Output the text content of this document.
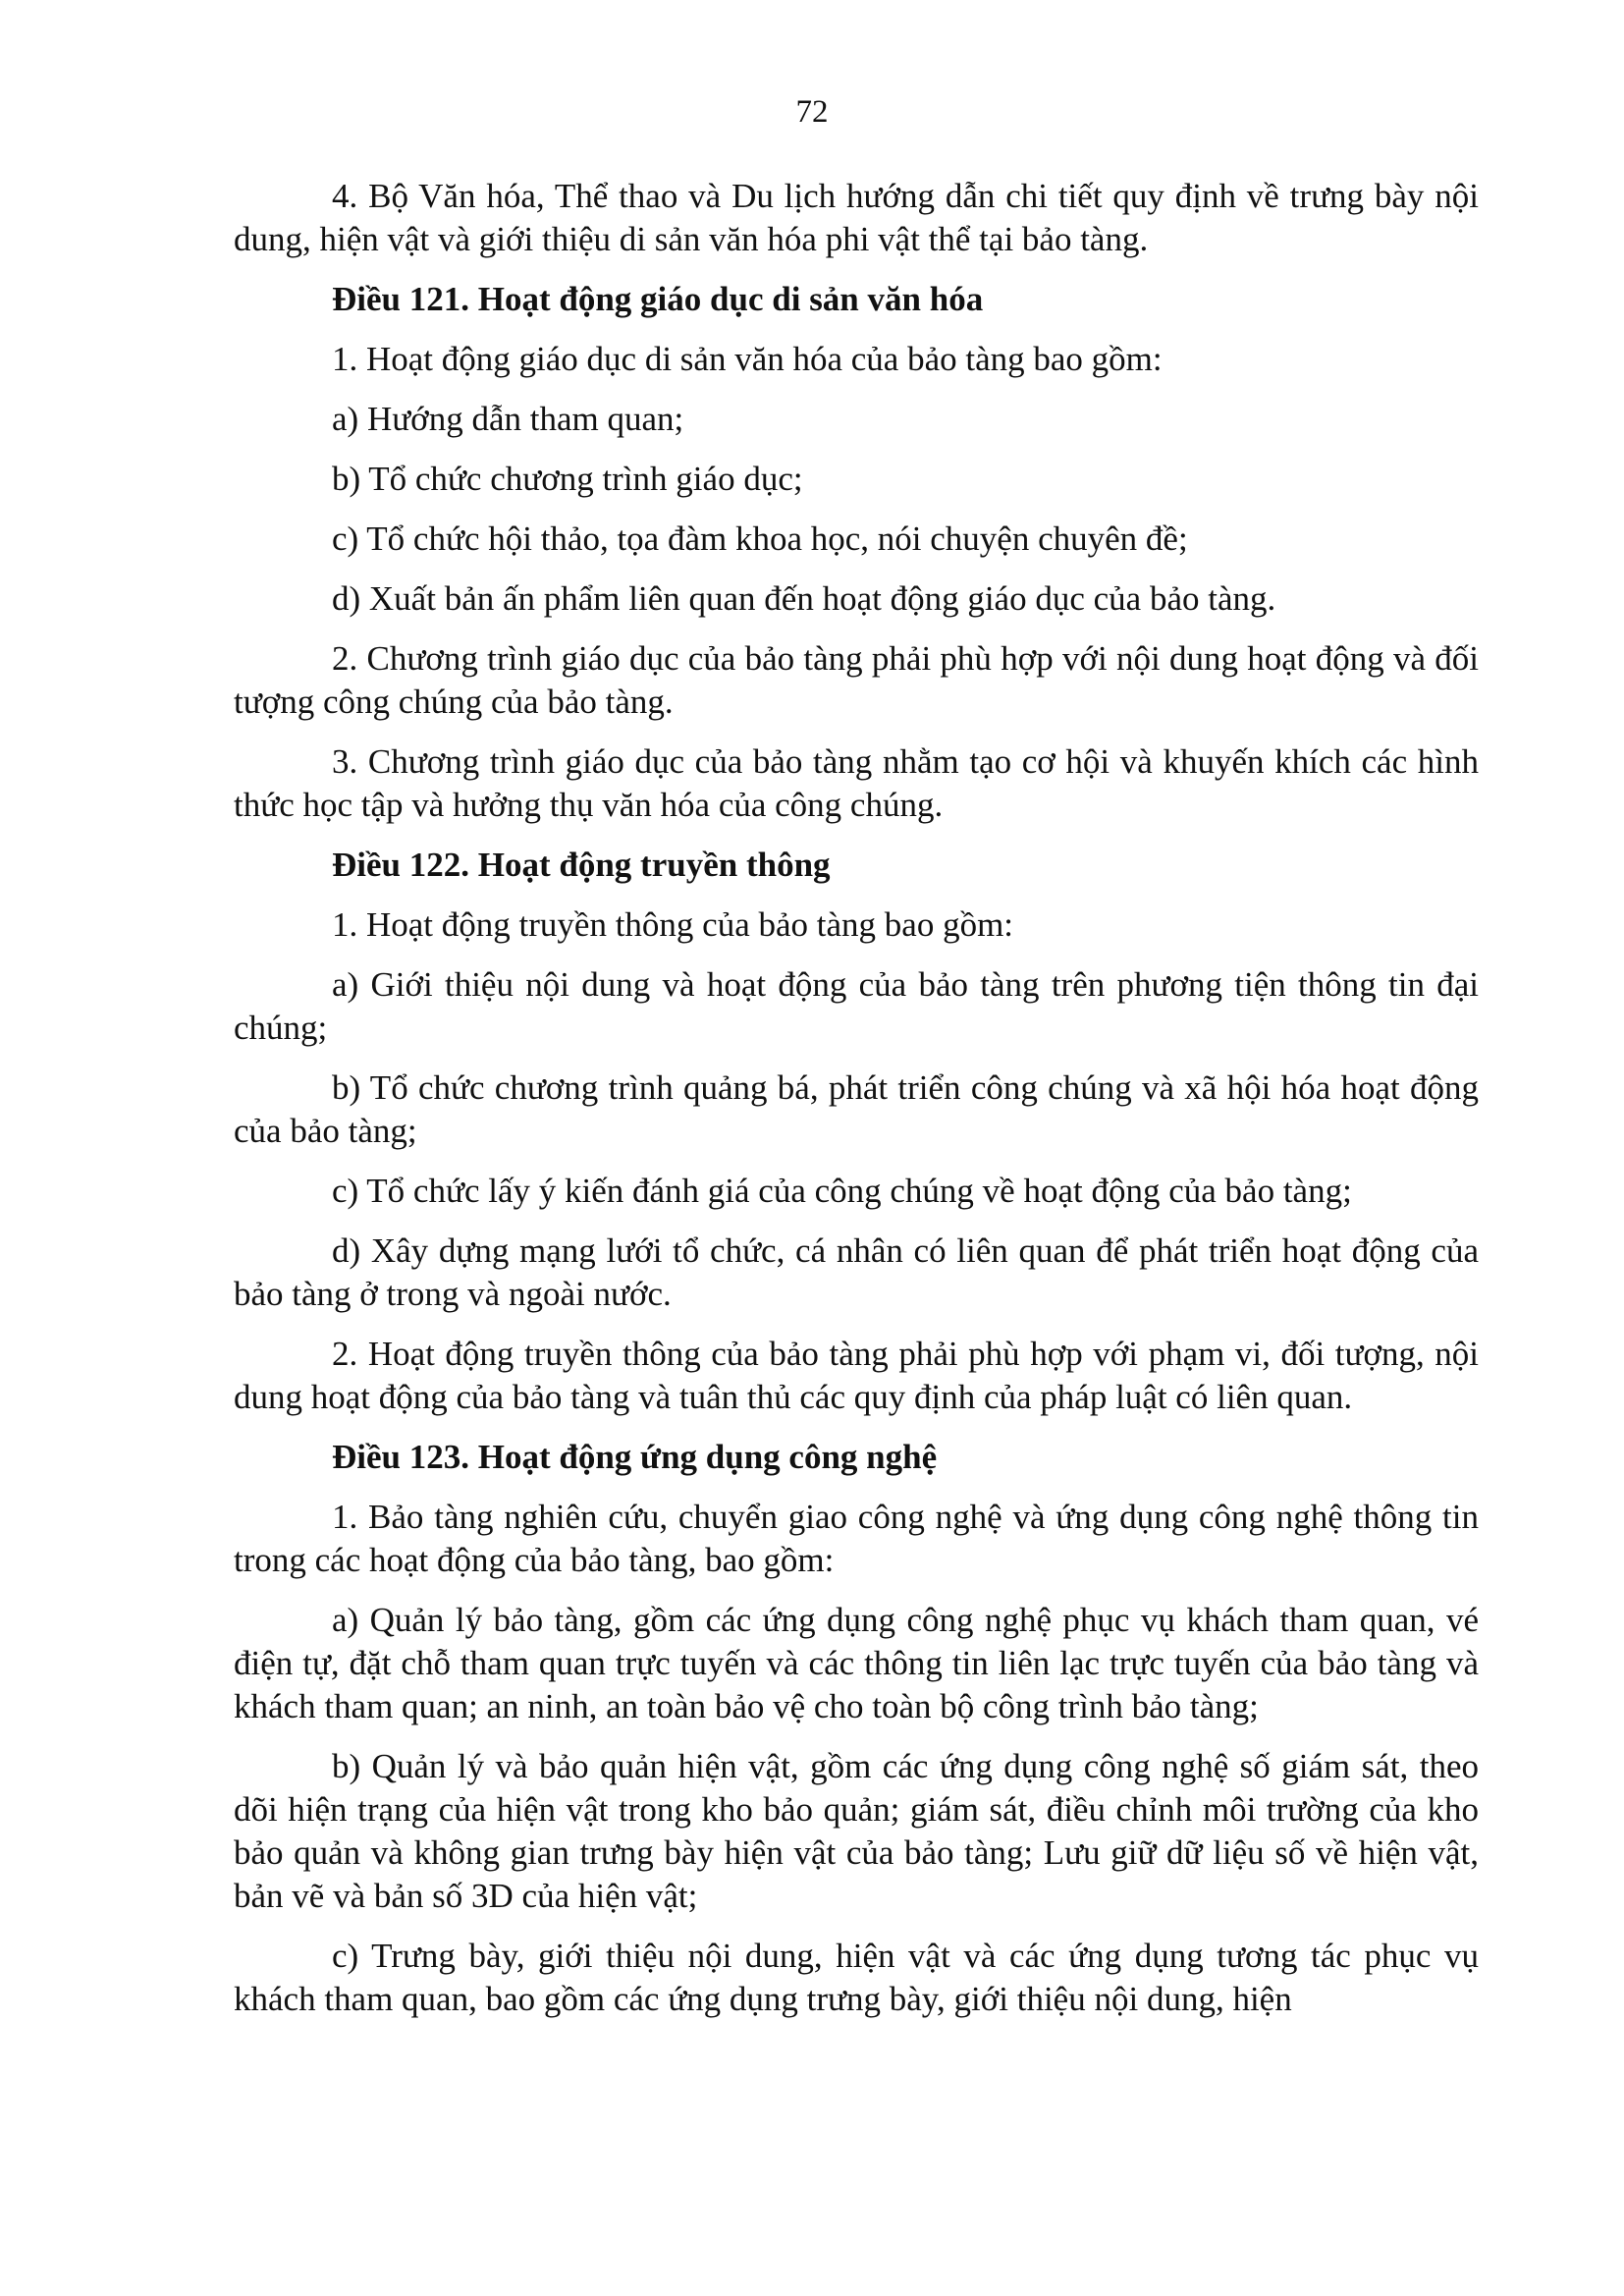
72

4. Bộ Văn hóa, Thể thao và Du lịch hướng dẫn chi tiết quy định về trưng bày nội dung, hiện vật và giới thiệu di sản văn hóa phi vật thể tại bảo tàng.

Điều 121. Hoạt động giáo dục di sản văn hóa

1. Hoạt động giáo dục di sản văn hóa của bảo tàng bao gồm:

a) Hướng dẫn tham quan;

b) Tổ chức chương trình giáo dục;

c) Tổ chức hội thảo, tọa đàm khoa học, nói chuyện chuyên đề;

d) Xuất bản ấn phẩm liên quan đến hoạt động giáo dục của bảo tàng.

2. Chương trình giáo dục của bảo tàng phải phù hợp với nội dung hoạt động và đối tượng công chúng của bảo tàng.

3. Chương trình giáo dục của bảo tàng nhằm tạo cơ hội và khuyến khích các hình thức học tập và hưởng thụ văn hóa của công chúng.

Điều 122. Hoạt động truyền thông

1. Hoạt động truyền thông của bảo tàng bao gồm:

a) Giới thiệu nội dung và hoạt động của bảo tàng trên phương tiện thông tin đại chúng;

b) Tổ chức chương trình quảng bá, phát triển công chúng và xã hội hóa hoạt động của bảo tàng;

c) Tổ chức lấy ý kiến đánh giá của công chúng về hoạt động của bảo tàng;

d) Xây dựng mạng lưới tổ chức, cá nhân có liên quan để phát triển hoạt động của bảo tàng ở trong và ngoài nước.

2. Hoạt động truyền thông của bảo tàng phải phù hợp với phạm vi, đối tượng, nội dung hoạt động của bảo tàng và tuân thủ các quy định của pháp luật có liên quan.

Điều 123. Hoạt động ứng dụng công nghệ

1. Bảo tàng nghiên cứu, chuyển giao công nghệ và ứng dụng công nghệ thông tin trong các hoạt động của bảo tàng, bao gồm:

a) Quản lý bảo tàng, gồm các ứng dụng công nghệ phục vụ khách tham quan, vé điện tự, đặt chỗ tham quan trực tuyến và các thông tin liên lạc trực tuyến của bảo tàng và khách tham quan; an ninh, an toàn bảo vệ cho toàn bộ công trình bảo tàng;

b) Quản lý và bảo quản hiện vật, gồm các ứng dụng công nghệ số giám sát, theo dõi hiện trạng của hiện vật trong kho bảo quản; giám sát, điều chỉnh môi trường của kho bảo quản và không gian trưng bày hiện vật của bảo tàng; Lưu giữ dữ liệu số về hiện vật, bản vẽ và bản số 3D của hiện vật;

c) Trưng bày, giới thiệu nội dung, hiện vật và các ứng dụng tương tác phục vụ khách tham quan, bao gồm các ứng dụng trưng bày, giới thiệu nội dung, hiện
